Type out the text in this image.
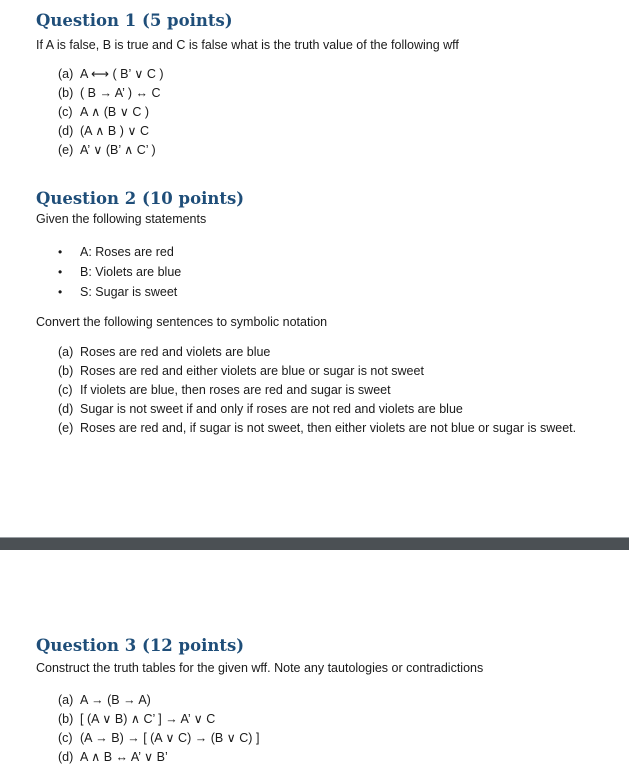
Question 1 (5 points)

If A is false, B is true and C is false what is the truth value of the following wff

(a) A ⟷ ( B’ ∨ C )
(b) ( B → A’ ) ↔ C
(c) A ∧ (B ∨ C )
(d) (A ∧ B ) ∨ C
(e) A’ ∨ (B’ ∧ C’ )
Question 2 (10 points)

Given the following statements

• A: Roses are red
• B: Violets are blue
• S: Sugar is sweet

Convert the following sentences to symbolic notation

(a) Roses are red and violets are blue
(b) Roses are red and either violets are blue or sugar is not sweet
(c) If violets are blue, then roses are red and sugar is sweet
(d) Sugar is not sweet if and only if roses are not red and violets are blue
(e) Roses are red and, if sugar is not sweet, then either violets are not blue or sugar is sweet.
Question 3 (12 points)

Construct the truth tables for the given wff. Note any tautologies or contradictions

(a) A → (B → A)
(b) [ (A ∨ B) ∧ C’ ] → A’ ∨ C
(c) (A → B) → [ (A ∨ C) → (B ∨ C) ]
(d) A ∧ B ↔ A’ ∨ B’
